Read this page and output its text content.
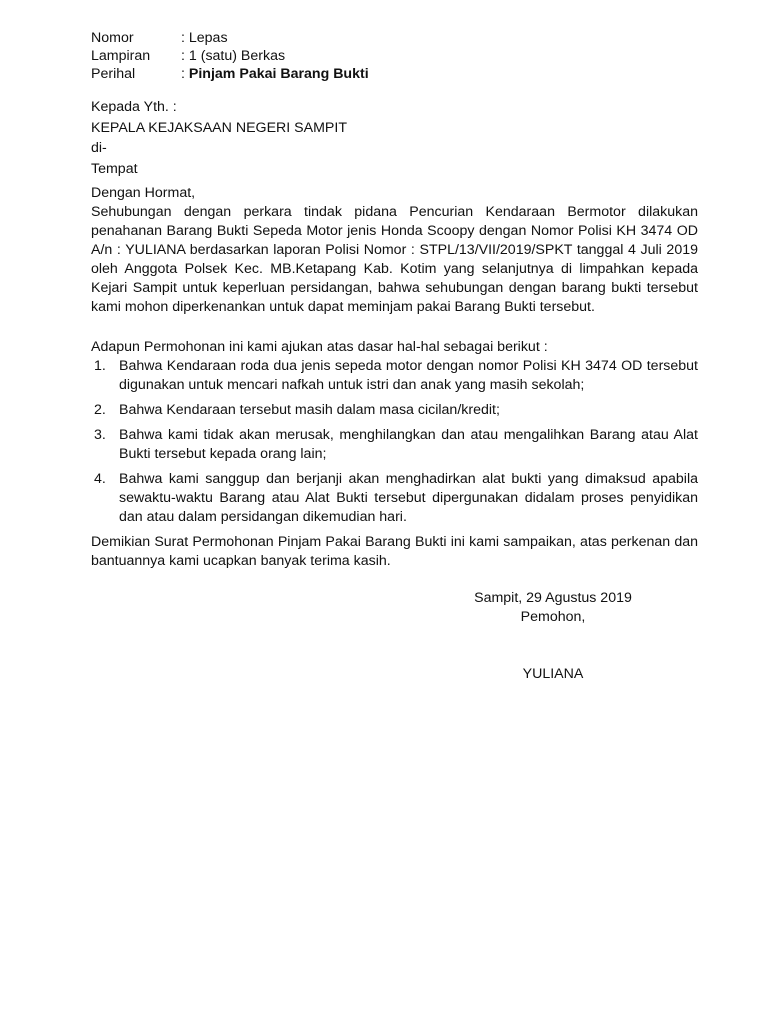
Nomor	: Lepas
Lampiran	: 1 (satu) Berkas
Perihal	: Pinjam Pakai Barang Bukti
Kepada Yth. :
KEPALA KEJAKSAAN NEGERI SAMPIT
di-
Tempat
Dengan Hormat,

Sehubungan dengan perkara tindak pidana Pencurian Kendaraan Bermotor dilakukan penahanan Barang Bukti Sepeda Motor jenis Honda Scoopy dengan Nomor Polisi KH 3474 OD A/n : YULIANA berdasarkan laporan Polisi Nomor : STPL/13/VII/2019/SPKT tanggal 4 Juli 2019 oleh Anggota Polsek Kec. MB.Ketapang Kab. Kotim yang selanjutnya di limpahkan kepada Kejari Sampit untuk keperluan persidangan, bahwa sehubungan dengan barang bukti tersebut kami mohon diperkenankan untuk dapat meminjam pakai Barang Bukti tersebut.

Adapun Permohonan ini kami ajukan atas dasar hal-hal sebagai berikut :
1. Bahwa Kendaraan roda dua jenis sepeda motor dengan nomor Polisi KH 3474 OD tersebut digunakan untuk mencari nafkah untuk istri dan anak yang masih sekolah;
2. Bahwa Kendaraan tersebut masih dalam masa cicilan/kredit;
3. Bahwa kami tidak akan merusak, menghilangkan dan atau mengalihkan Barang atau Alat Bukti tersebut kepada orang lain;
4. Bahwa kami sanggup dan berjanji akan menghadirkan alat bukti yang dimaksud apabila sewaktu-waktu Barang atau Alat Bukti tersebut dipergunakan didalam proses penyidikan dan atau dalam persidangan dikemudian hari.

Demikian Surat Permohonan Pinjam Pakai Barang Bukti ini kami sampaikan, atas perkenan dan bantuannya kami ucapkan banyak terima kasih.

Sampit, 29 Agustus 2019
Pemohon,
YULIANA
